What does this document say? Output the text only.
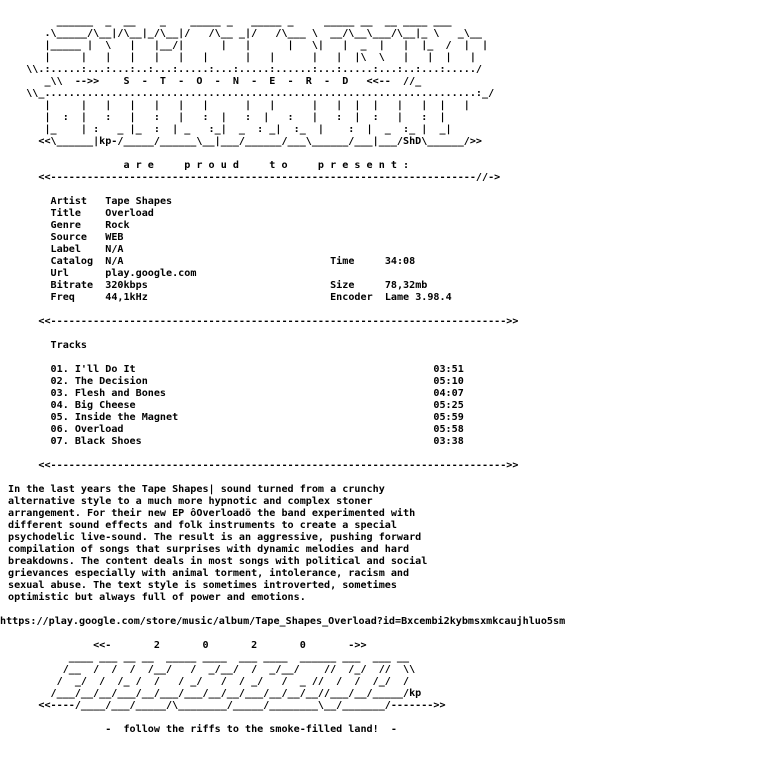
______  _  __    _    _____ _   _____ _     _____ __  __ ____ ___
.\_____/\__|/\__|_/\__|/   /\__ _|/   /\___ \  __/\__\___/\__|_ \   _\__
|_____ |  \   |   |__/|      |   |      |   \|   |  _  |   |  |_  /  |  |
|     |   |   |   |   |   |      |   |      |   |  |\  \   |   |  |   |
\\.:.....:...:...:..:...:.....:...:.....:......:...:.....:...:..:...:...../
_\\  -->>    S  -  T  -  O  -  N  -  E  -  R  -  D   <<--  //_
\\_.......................................................................:_/
|     |   |   |   |   |   |      |   |      |   |  |  |   |   |  |   |
|  :  |   :   |   :   |   :  |   :  |   :   |   :  |  :   |   :  |
|_    | :   _ |_  :  | _   :_|  _  : _|  :_  |    :  |  _  :_ |  _|
<<\______|kp-/_____/______\__|___/______/___\______/___|___/ShD\______/>>
a r e     p r o u d     t o     p r e s e n t :
<<----------------------------------------------------------------------//->
Artist   Tape Shapes
Title    Overload
Genre    Rock
Source   WEB
Label    N/A
Catalog  N/A                                  Time     34:08
Url      play.google.com
Bitrate  320kbps                              Size     78,32mb
Freq     44,1kHz                              Encoder  Lame 3.98.4
<<--------------------------------------------------------------------------->>
Tracks
01. I'll Do It                                                 03:51
02. The Decision                                               05:10
03. Flesh and Bones                                            04:07
04. Big Cheese                                                 05:25
05. Inside the Magnet                                          05:59
06. Overload                                                   05:58
07. Black Shoes                                                03:38
<<--------------------------------------------------------------------------->>
In the last years the Tape Shapes| sound turned from a crunchy
alternative style to a much more hypnotic and complex stoner
arrangement. For their new EP ôOverloadö the band experimented with
different sound effects and folk instruments to create a special
psychodelic live-sound. The result is an aggressive, pushing forward
compilation of songs that surprises with dynamic melodies and hard
breakdowns. The content deals in most songs with political and social
grievances especially with animal torment, intolerance, racism and
sexual abuse. The text style is sometimes introverted, sometimes
optimistic but always full of power and emotions.
https://play.google.com/store/music/album/Tape_Shapes_Overload?id=Bxcembi2kybmsxmkcaujhluo5sm
<<-       2       0       2       0       ->>
____ ___ __ __  _____ ____  ___ ____  ______ ___  ___ __
/__  /  /  /  /__/   /  _/__/  /  _/__/    //  /_/  //  \\
/  _/  /  /_ /  /   / _/   /  / _/   /  _ //  /  /  /_/  /
/___/__/__/___/__/___/___/__/__/___/__/__/__//___/__/_____/kp
<<----/____/___/_____/\________/_____/________\__/_______/------->>
-  follow the riffs to the smoke-filled land!  -
